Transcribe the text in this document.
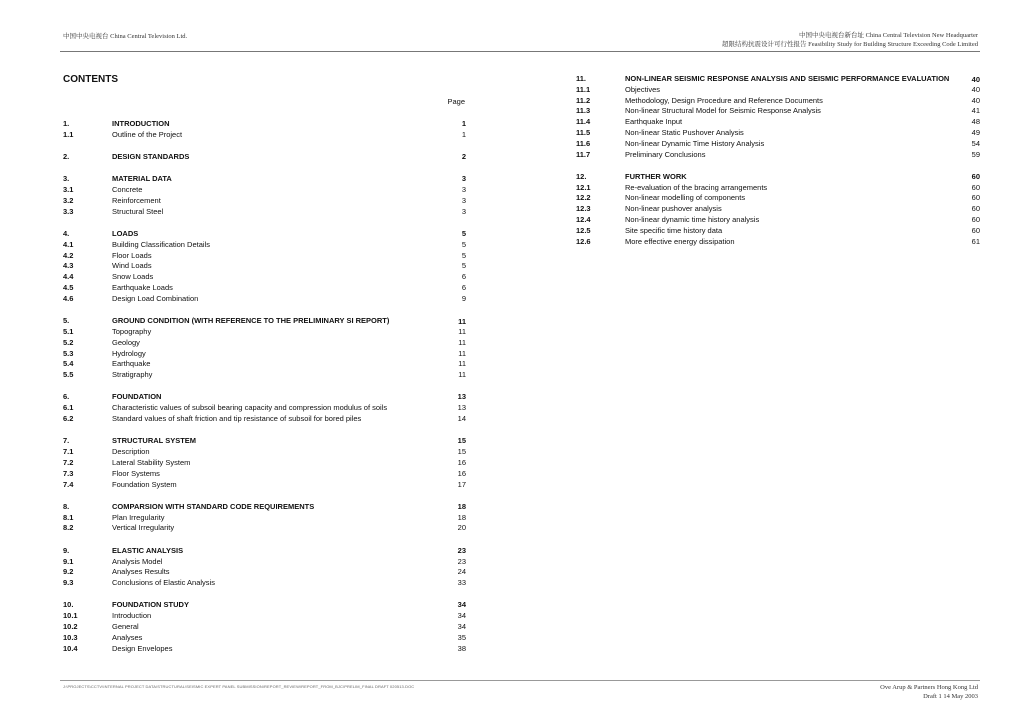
中国中央电视台 China Central Television Ltd.	中国中央电视台新台址 China Central Television New Headquarter
超限结构抗震设计可行性报告 Feasibility Study for Building Structure Exceeding Code Limited
CONTENTS
Page
1.	INTRODUCTION	1
1.1	Outline of the Project	1
2.	DESIGN STANDARDS	2
3.	MATERIAL DATA	3
3.1	Concrete	3
3.2	Reinforcement	3
3.3	Structural Steel	3
4.	LOADS	5
4.1	Building Classification Details	5
4.2	Floor Loads	5
4.3	Wind Loads	5
4.4	Snow Loads	6
4.5	Earthquake Loads	6
4.6	Design Load Combination	9
5.	GROUND CONDITION (WITH REFERENCE TO THE PRELIMINARY SI REPORT)	11
5.1	Topography	11
5.2	Geology	11
5.3	Hydrology	11
5.4	Earthquake	11
5.5	Stratigraphy	11
6.	FOUNDATION	13
6.1	Characteristic values of subsoil bearing capacity and compression modulus of soils	13
6.2	Standard values of shaft friction and tip resistance of subsoil for bored piles	14
7.	STRUCTURAL SYSTEM	15
7.1	Description	15
7.2	Lateral Stability System	16
7.3	Floor Systems	16
7.4	Foundation System	17
8.	COMPARSION WITH STANDARD CODE REQUIREMENTS	18
8.1	Plan Irregularity	18
8.2	Vertical Irregularity	20
9.	ELASTIC ANALYSIS	23
9.1	Analysis Model	23
9.2	Analyses Results	24
9.3	Conclusions of Elastic Analysis	33
10.	FOUNDATION STUDY	34
10.1	Introduction	34
10.2	General	34
10.3	Analyses	35
10.4	Design Envelopes	38
11.	NON-LINEAR SEISMIC RESPONSE ANALYSIS AND SEISMIC PERFORMANCE EVALUATION	40
11.1	Objectives	40
11.2	Methodology, Design Procedure and Reference Documents	40
11.3	Non-linear Structural Model for Seismic Response Analysis	41
11.4	Earthquake Input	48
11.5	Non-linear Static Pushover Analysis	49
11.6	Non-linear Dynamic Time History Analysis	54
11.7	Preliminary Conclusions	59
12.	FURTHER WORK	60
12.1	Re-evaluation of the bracing arrangements	60
12.2	Non-linear modelling of components	60
12.3	Non-linear pushover analysis	60
12.4	Non-linear dynamic time history analysis	60
12.5	Site specific time history data	60
12.6	More effective energy dissipation	61
J:\PROJECTS\CCTV\INTERNAL PROJECT DATA\STRUCTURAL\SEISMIC EXPERT PANEL SUBMISSION\REPORT_REVIEW\REPORT_FROM_BJC\PRELIM_FINAL DRAFT 020513.DOC	Ove Arup & Partners Hong Kong Ltd
Draft 1 14 May 2003
